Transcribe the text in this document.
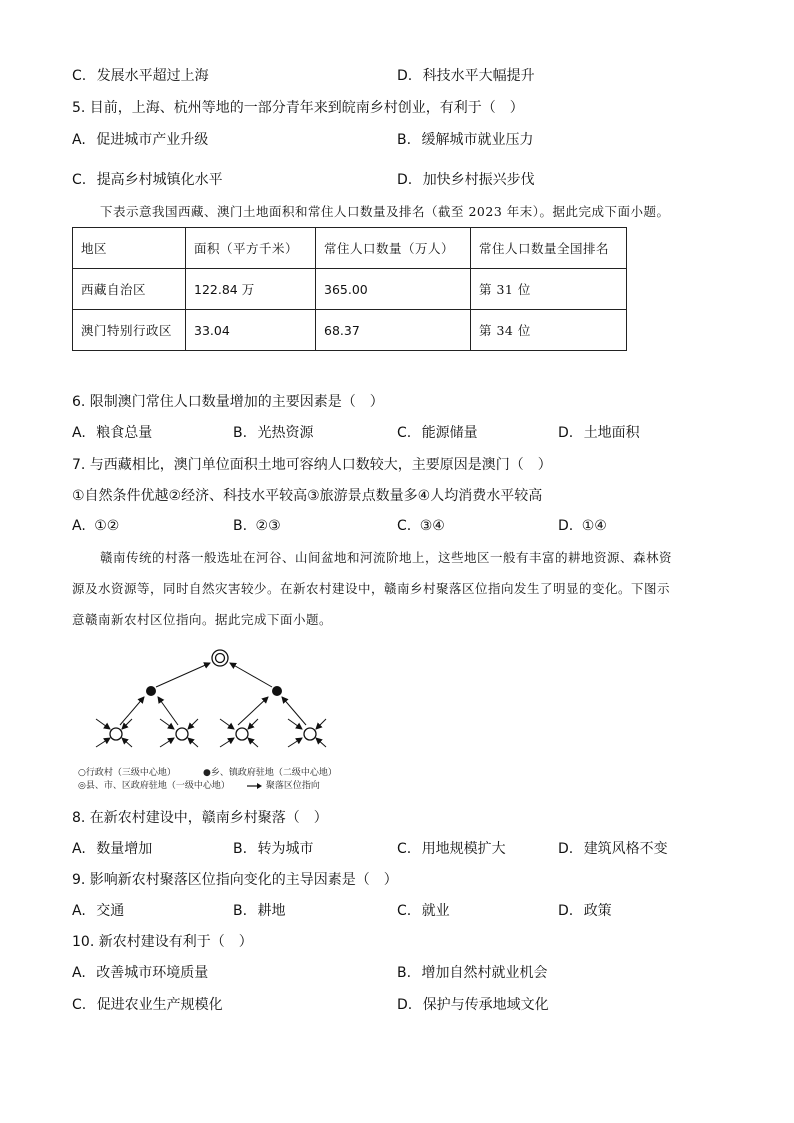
C. 发展水平超过上海	D. 科技水平大幅提升
5. 目前，上海、杭州等地的一部分青年来到皖南乡村创业，有利于（　）
A. 促进城市产业升级	B. 缓解城市就业压力
C. 提高乡村城镇化水平	D. 加快乡村振兴步伐
下表示意我国西藏、澳门土地面积和常住人口数量及排名（截至 2023 年末）。据此完成下面小题。
地区	面积（平方千米）	常住人口数量（万人）	常住人口数量全国排名
西藏自治区	122.84 万	365.00	第 31 位
澳门特别行政区	33.04	68.37	第 34 位
6. 限制澳门常住人口数量增加的主要因素是（　）
A. 粮食总量	B. 光热资源	C. 能源储量	D. 土地面积
7. 与西藏相比，澳门单位面积土地可容纳人口数较大，主要原因是澳门（　）
①自然条件优越②经济、科技水平较高③旅游景点数量多④人均消费水平较高
A. ①②	B. ②③	C. ③④	D. ①④
赣南传统的村落一般选址在河谷、山间盆地和河流阶地上，这些地区一般有丰富的耕地资源、森林资
源及水资源等，同时自然灾害较少。在新农村建设中，赣南乡村聚落区位指向发生了明显的变化。下图示
意赣南新农村区位指向。据此完成下面小题。
○行政村（三级中心地）	●乡、镇政府驻地（二级中心地）
◎县、市、区政府驻地（一级中心地）	聚落区位指向
8. 在新农村建设中，赣南乡村聚落（　）
A. 数量增加	B. 转为城市	C. 用地规模扩大	D. 建筑风格不变
9. 影响新农村聚落区位指向变化的主导因素是（　）
A. 交通	B. 耕地	C. 就业	D. 政策
10. 新农村建设有利于（　）
A. 改善城市环境质量	B. 增加自然村就业机会
C. 促进农业生产规模化	D. 保护与传承地域文化
